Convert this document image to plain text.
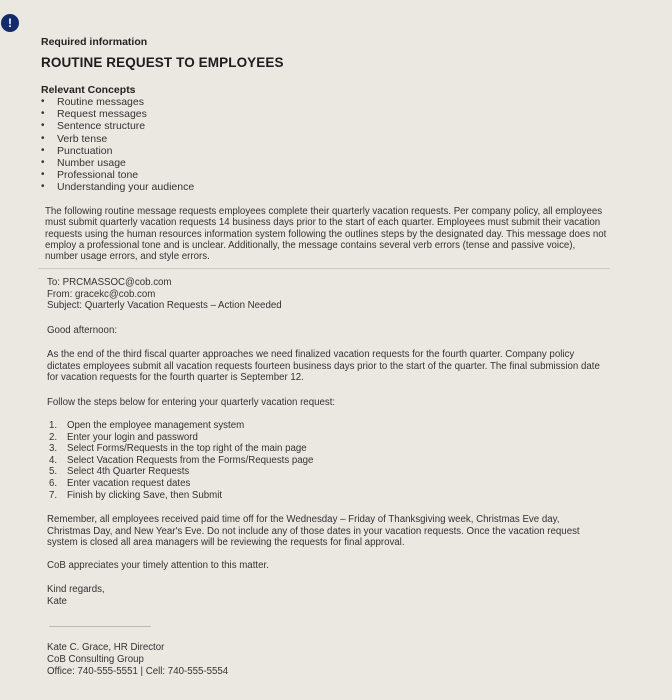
!
Required information
ROUTINE REQUEST TO EMPLOYEES
Relevant Concepts
• Routine messages
• Request messages
• Sentence structure
• Verb tense
• Punctuation
• Number usage
• Professional tone
• Understanding your audience
The following routine message requests employees complete their quarterly vacation requests. Per company policy, all employees must submit quarterly vacation requests 14 business days prior to the start of each quarter. Employees must submit their vacation requests using the human resources information system following the outlines steps by the designated day. This message does not employ a professional tone and is unclear. Additionally, the message contains several verb errors (tense and passive voice), number usage errors, and style errors.
To: PRCMASSOC@cob.com
From: gracekc@cob.com
Subject: Quarterly Vacation Requests – Action Needed
Good afternoon:
As the end of the third fiscal quarter approaches we need finalized vacation requests for the fourth quarter. Company policy dictates employees submit all vacation requests fourteen business days prior to the start of the quarter. The final submission date for vacation requests for the fourth quarter is September 12.
Follow the steps below for entering your quarterly vacation request:
1. Open the employee management system
2. Enter your login and password
3. Select Forms/Requests in the top right of the main page
4. Select Vacation Requests from the Forms/Requests page
5. Select 4th Quarter Requests
6. Enter vacation request dates
7. Finish by clicking Save, then Submit
Remember, all employees received paid time off for the Wednesday – Friday of Thanksgiving week, Christmas Eve day, Christmas Day, and New Year's Eve. Do not include any of those dates in your vacation requests. Once the vacation request system is closed all area managers will be reviewing the requests for final approval.
CoB appreciates your timely attention to this matter.
Kind regards,
Kate
Kate C. Grace, HR Director
CoB Consulting Group
Office: 740-555-5551 | Cell: 740-555-5554
